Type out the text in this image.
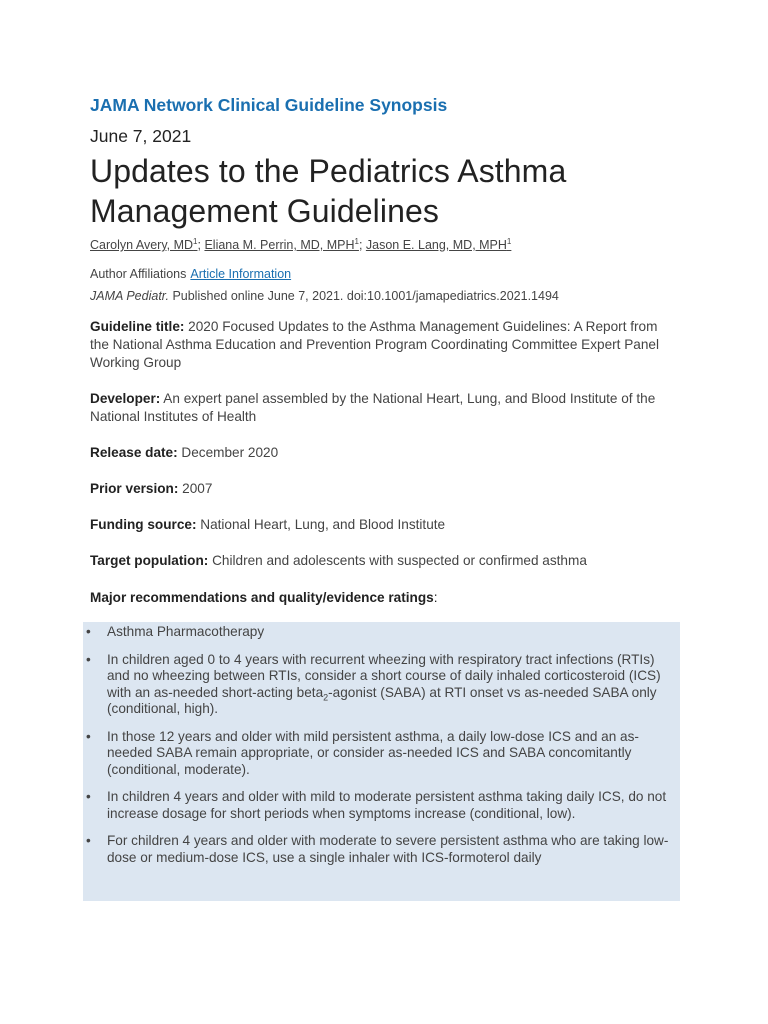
JAMA Network Clinical Guideline Synopsis
June 7, 2021
Updates to the Pediatrics Asthma
Management Guidelines
Carolyn Avery, $MD^1$; Eliana M. Perrin, MD, MPH$^1$; Jason E. Lang, MD, MPH$^1$
Author Affiliations Article Information
JAMA Pediatr. Published online June 7, 2021. doi:10.1001/jamapediatrics.2021.1494
Guideline title: 2020 Focused Updates to the Asthma Management Guidelines: A Report from the National Asthma Education and Prevention Program Coordinating Committee Expert Panel Working Group
Developer: An expert panel assembled by the National Heart, Lung, and Blood Institute of the National Institutes of Health
Release date: December 2020
Prior version: 2007
Funding source: National Heart, Lung, and Blood Institute
Target population: Children and adolescents with suspected or confirmed asthma
Major recommendations and quality/evidence ratings:
• Asthma Pharmacotherapy
• In children aged 0 to 4 years with recurrent wheezing with respiratory tract infections (RTIs) and no wheezing between RTIs, consider a short course of daily inhaled corticosteroid (ICS) with an as-needed short-acting beta$_2$-agonist (SABA) at RTI onset vs as-needed SABA only (conditional, high).
• In those 12 years and older with mild persistent asthma, a daily low-dose ICS and an as-needed SABA remain appropriate, or consider as-needed ICS and SABA concomitantly (conditional, moderate).
• In children 4 years and older with mild to moderate persistent asthma taking daily ICS, do not increase dosage for short periods when symptoms increase (conditional, low).
• For children 4 years and older with moderate to severe persistent asthma who are taking low-dose or medium-dose ICS, use a single inhaler with ICS-formoterol daily
